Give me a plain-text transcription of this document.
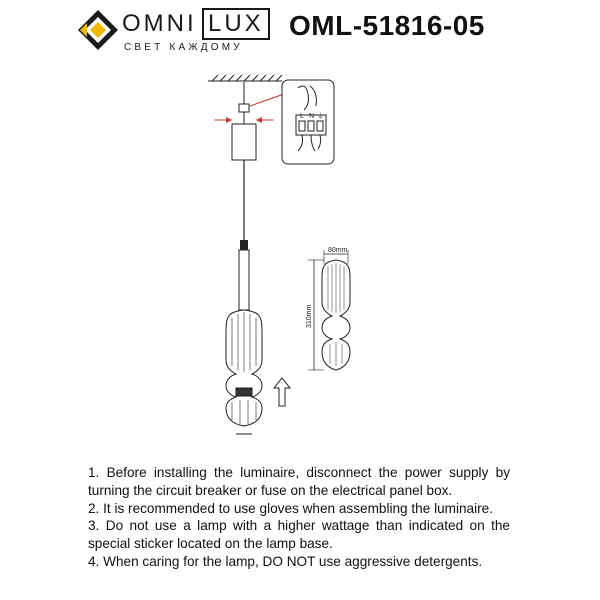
OMNI LUX
СВЕТ КАЖДОМУ
OML-51816-05
L N ⏚
80mm
310mm

1. Before installing the luminaire, disconnect the power supply by turning the circuit breaker or fuse on the electrical panel box.

2. It is recommended to use gloves when assembling the luminaire.

3. Do not use a lamp with a higher wattage than indicated on the special sticker located on the lamp base.

4. When caring for the lamp, DO NOT use aggressive detergents.
